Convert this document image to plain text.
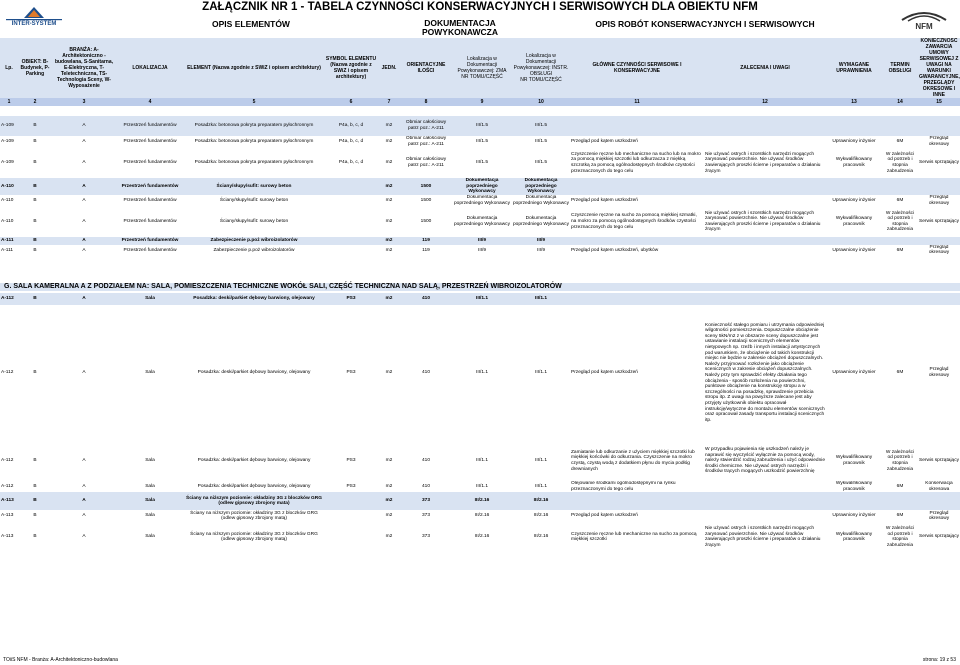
INTER-SYSTEM
ZAŁĄCZNIK NR 1 - TABELA CZYNNOŚCI KONSERWACYJNYCH I SERWISOWYCH DLA OBIEKTU NFM
OPIS ELEMENTÓW	DOKUMENTACJA
POWYKONAWCZA
OPIS ROBÓT KONSERWACYJNYCH I SERWISOWYCH	NFM
Lp.	OBIEKT: B-Budynek, P-Parking	BRANŻA: A-Architektoniczno -budowlana, S-Sanitarna, E-Elektryczna, T-Teletechniczna, TS-Technologia Sceny, W-Wyposażenie	LOKALIZACJA	ELEMENT (Nazwa zgodnie z SWiZ i opisem architektury)	SYMBOL ELEMENTU (Nazwa zgodnie z SWiZ i opisem architektury)	JEDN.	ORIENTACYJNE ILOŚCI	Lokalizacja w Dokumentacji Powykonawczej: ZMA
NR TOMU/CZĘŚĆ	Lokalizacja w Dokumentacji Powykonawczej: INSTR. OBSŁUGI
NR TOMU/CZĘŚĆ	GŁÓWNE CZYNNOŚCI SERWISOWE I KONSERWACYJNE	ZALECENIA I UWAGI	WYMAGANE UPRAWNIENIA	TERMIN OBSŁUGI	KONIECZNOŚĆ ZAWARCIA UMOWY SERWISOWEJ Z UWAGI NA WARUNKI GWARANCYJNE, PRZEGLĄDY OKRESOWE I INNE
1	2	3	4	5	6	7	8	9	10	11	12	13	14	15
A-109	B	A	Przestrzeń fundamentów	Posadzka: betonowa pokryta preparatem pyłochronnym	P4a, b, c, d	m2	Obmiar całościowy patrz poz.: A-211	III/1.5	III/1.5					
A-109	B	A	Przestrzeń fundamentów	Posadzka: betonowa pokryta preparatem pyłochronnym	P4a, b, c, d	m2	Obmiar całościowy patrz poz.: A-211	III/1.5	III/1.5	Przegląd pod kątem uszkodzeń		Uprawniony inżynier	6M	Przegląd okresowy
A-109	B	A	Przestrzeń fundamentów	Posadzka: betonowa pokryta preparatem pyłochronnym	P4a, b, c, d	m2	Obmiar całościowy patrz poz.: A-211	III/1.5	III/1.5	Czyszczenie ręczne lub mechaniczne na sucho lub na mokro za pomocą miękkiej szczotki lub odkurzacza z miękką szczotką za pomocą ogólnodostępnych środków czystości przeznaczonych do tego celu	Nie używać ostrych i szorstkich narzędzi mogących zarysować powierzchnie. Nie używać środków zawierających proszki ścierne i preparatów o działaniu żrącym	Wykwalifikowany pracownik	W zależności od potrzeb i stopnia zabrudzenia	Serwis sprzątający
A-110	B	A	Przestrzeń fundamentów	Ściany/słupy/sufit: surowy beton		m2	1500	Dokumentacja poprzedniego Wykonawcy	Dokumentacja poprzedniego Wykonawcy					
A-110	B	A	Przestrzeń fundamentów	Ściany/słupy/sufit: surowy beton		m2	1500	Dokumentacja poprzedniego Wykonawcy	Dokumentacja poprzedniego Wykonawcy	Przegląd pod kątem uszkodzeń		Uprawniony inżynier	6M	Przegląd okresowy
A-110	B	A	Przestrzeń fundamentów	Ściany/słupy/sufit: surowy beton		m2	1500	Dokumentacja poprzedniego Wykonawcy	Dokumentacja poprzedniego Wykonawcy	Czyszczenie ręczne na sucho za pomocą miękkiej szmatki, na mokro za pomocą ogólnodostępnych środków czystości przeznaczonych do tego celu	Nie używać ostrych i szorstkich narzędzi mogących zarysować powierzchnie. Nie używać środków zawierających proszki ścierne i preparatów o działaniu żrącym	Wykwalifikowany pracownik	W zależności od potrzeb i stopnia zabrudzenia	Serwis sprzątający
A-111	B	A	Przestrzeń fundamentów	Zabezpieczenie p.poż wibroizolatorów		m2	119	III/9	III/9					
A-111	B	A	Przestrzeń fundamentów	Zabezpieczenie p.poż wibroizolatorów		m2	119	III/9	III/9	Przegląd pod kątem uszkodzeń, ubytków		Uprawniony inżynier	6M	Przegląd okresowy
G. SALA KAMERALNA A Z PODZIAŁEM NA: SALA, POMIESZCZENIA TECHNICZNE WOKÓŁ SALI, CZĘŚĆ TECHNICZNA NAD SALĄ, PRZESTRZEŃ WIBROIZOLATORÓW
A-112	B	A	Sala	Posadzka: deski/parkiet dębowy barwiony, olejowany	PS3	m2	410	III/1.1	III/1.1					
A-112	B	A	Sala	Posadzka: deski/parkiet dębowy barwiony, olejowany	PS3	m2	410	III/1.1	III/1.1	Przegląd pod kątem uszkodzeń	Konieczność stałego pomiaru i utrzymania odpowiedniej wilgotności pomieszczenia. Dopuszczalne obciążenie sceny 5kN/m2 z w obszarze sceny dopuszczalne jest ustawianie instalacji scenicznych elementów nietypowych np. rzeźb i innych instalacji artystycznych pod warunkiem, że obciążenie od takich konstrukcji miejsc nie będzie w zakresie obciążeń dopuszczalnych. Należy przyjmować rozłożenie jako obciążenie scenicznych w zakresie obciążeń dopuszczalnych. Należy przy tym sprawdzić efekty działania tego obciążenia - sposób rozłożenia na powierzchni, punktowe obciążenie na konstrukcję stropu a w szczególności na posadzkę, sprawdzenie przebicia stropu itp. Z uwagi na powyższe zalecane jest aby przyjęty użytkownik obiektu opracował instrukcję/wytyczne do montażu elementów scenicznych oraz opracował zasady transportu instalacji scenicznych itp.	Uprawniony inżynier	6M	Przegląd okresowy
A-112	B	A	Sala	Posadzka: deski/parkiet dębowy barwiony, olejowany	PS3	m2	410	III/1.1	III/1.1	Zamiatanie lub odkurzanie z użyciem miękkiej szczotki lub miękkiej końcówki do odkurzania. Czyszczenie na mokro czystą, czystą wodą z dodatkiem płynu do mycia podłóg drewnianych	W przypadku pojawienia się uszkodzeń należy je naprawić się wyczyścić wyłącznie za pomocą wody, należy stwierdzić rodzaj zabrudzenia i użyć odpowiednie środki chemiczne. Nie używać ostrych narzędzi i środków trących mogących uszkodzić powierzchnię	Wykwalifikowany pracownik	W zależności od potrzeb i stopnia zabrudzenia	Serwis sprzątający
A-112	B	A	Sala	Posadzka: deski/parkiet dębowy barwiony, olejowany	PS3	m2	410	III/1.1	III/1.1	Olejowanie środkami ogólnodostępnymi na rynku przeznaczonymi do tego celu		Wykwalifikowany pracownik	6M	Konserwacja okresowa
A-113	B	A	Sala	Ściany na niższym poziomie: okładziny 3G z bloczków GRG (odlew gipsowy zbrojony mata)		m2	373	III/2.16	III/2.16					
A-113	B	A	Sala	Ściany na niższym poziomie: okładziny 3G z bloczków GRG (odlew gipsowy zbrojony matą)		m2	373	III/2.16	III/2.16	Przegląd pod kątem uszkodzeń		Uprawniony inżynier	6M	Przegląd okresowy
A-113	B	A	Sala	Ściany na niższym poziomie: okładziny 3G z bloczków GRG (odlew gipsowy zbrojony matą)		m2	373	III/2.16	III/2.16	Czyszczenie ręczne lub mechaniczne na sucho za pomocą miękkiej szczotki	Nie używać ostrych i szorstkich narzędzi mogących zarysować powierzchnie. Nie używać środków zawierających proszki ścierne i preparatów o działaniu żrącym	Wykwalifikowany pracownik	W zależności od potrzeb i stopnia zabrudzenia	Serwis sprzątający
TOiiS NFM - Branża: A-Architektoniczno-budowlana	strona: 19 z 53
